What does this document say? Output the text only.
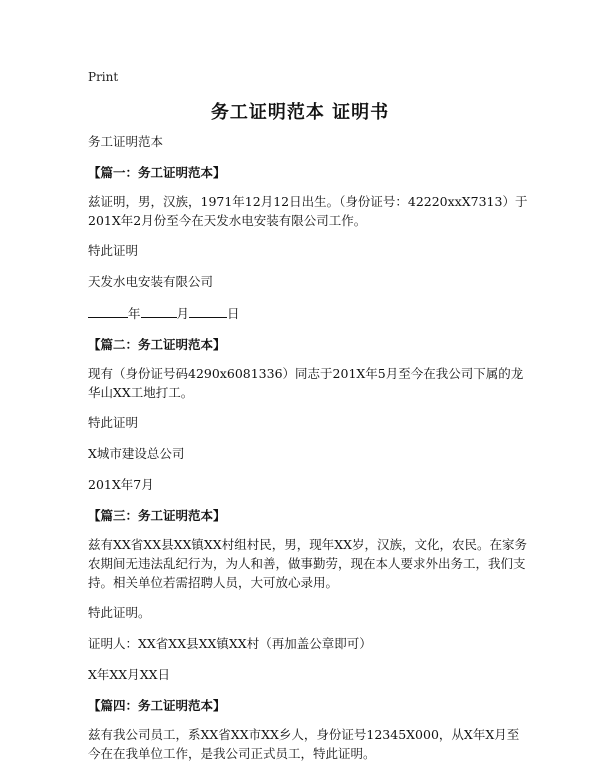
Print
务工证明范本 证明书

务工证明范本

【篇一：务工证明范本】

兹证明，男，汉族，1971年12月12日出生。（身份证号：42220xxX7313）于201X年2月份至今在天发水电安装有限公司工作。

特此证明

天发水电安装有限公司

年	月	日

【篇二：务工证明范本】

现有（身份证号码4290x6081336）同志于201X年5月至今在我公司下属的龙华山XX工地打工。

特此证明

X城市建设总公司

201X年7月

【篇三：务工证明范本】

兹有XX省XX县XX镇XX村组村民，男，现年XX岁，汉族，文化，农民。在家务农期间无违法乱纪行为，为人和善，做事勤劳，现在本人要求外出务工，我们支持。相关单位若需招聘人员，大可放心录用。

特此证明。

证明人：XX省XX县XX镇XX村（再加盖公章即可）

X年XX月XX日

【篇四：务工证明范本】

兹有我公司员工，系XX省XX市XX乡人，身份证号12345X000，从X年X月至今在在我单位工作，是我公司正式员工，特此证明。
